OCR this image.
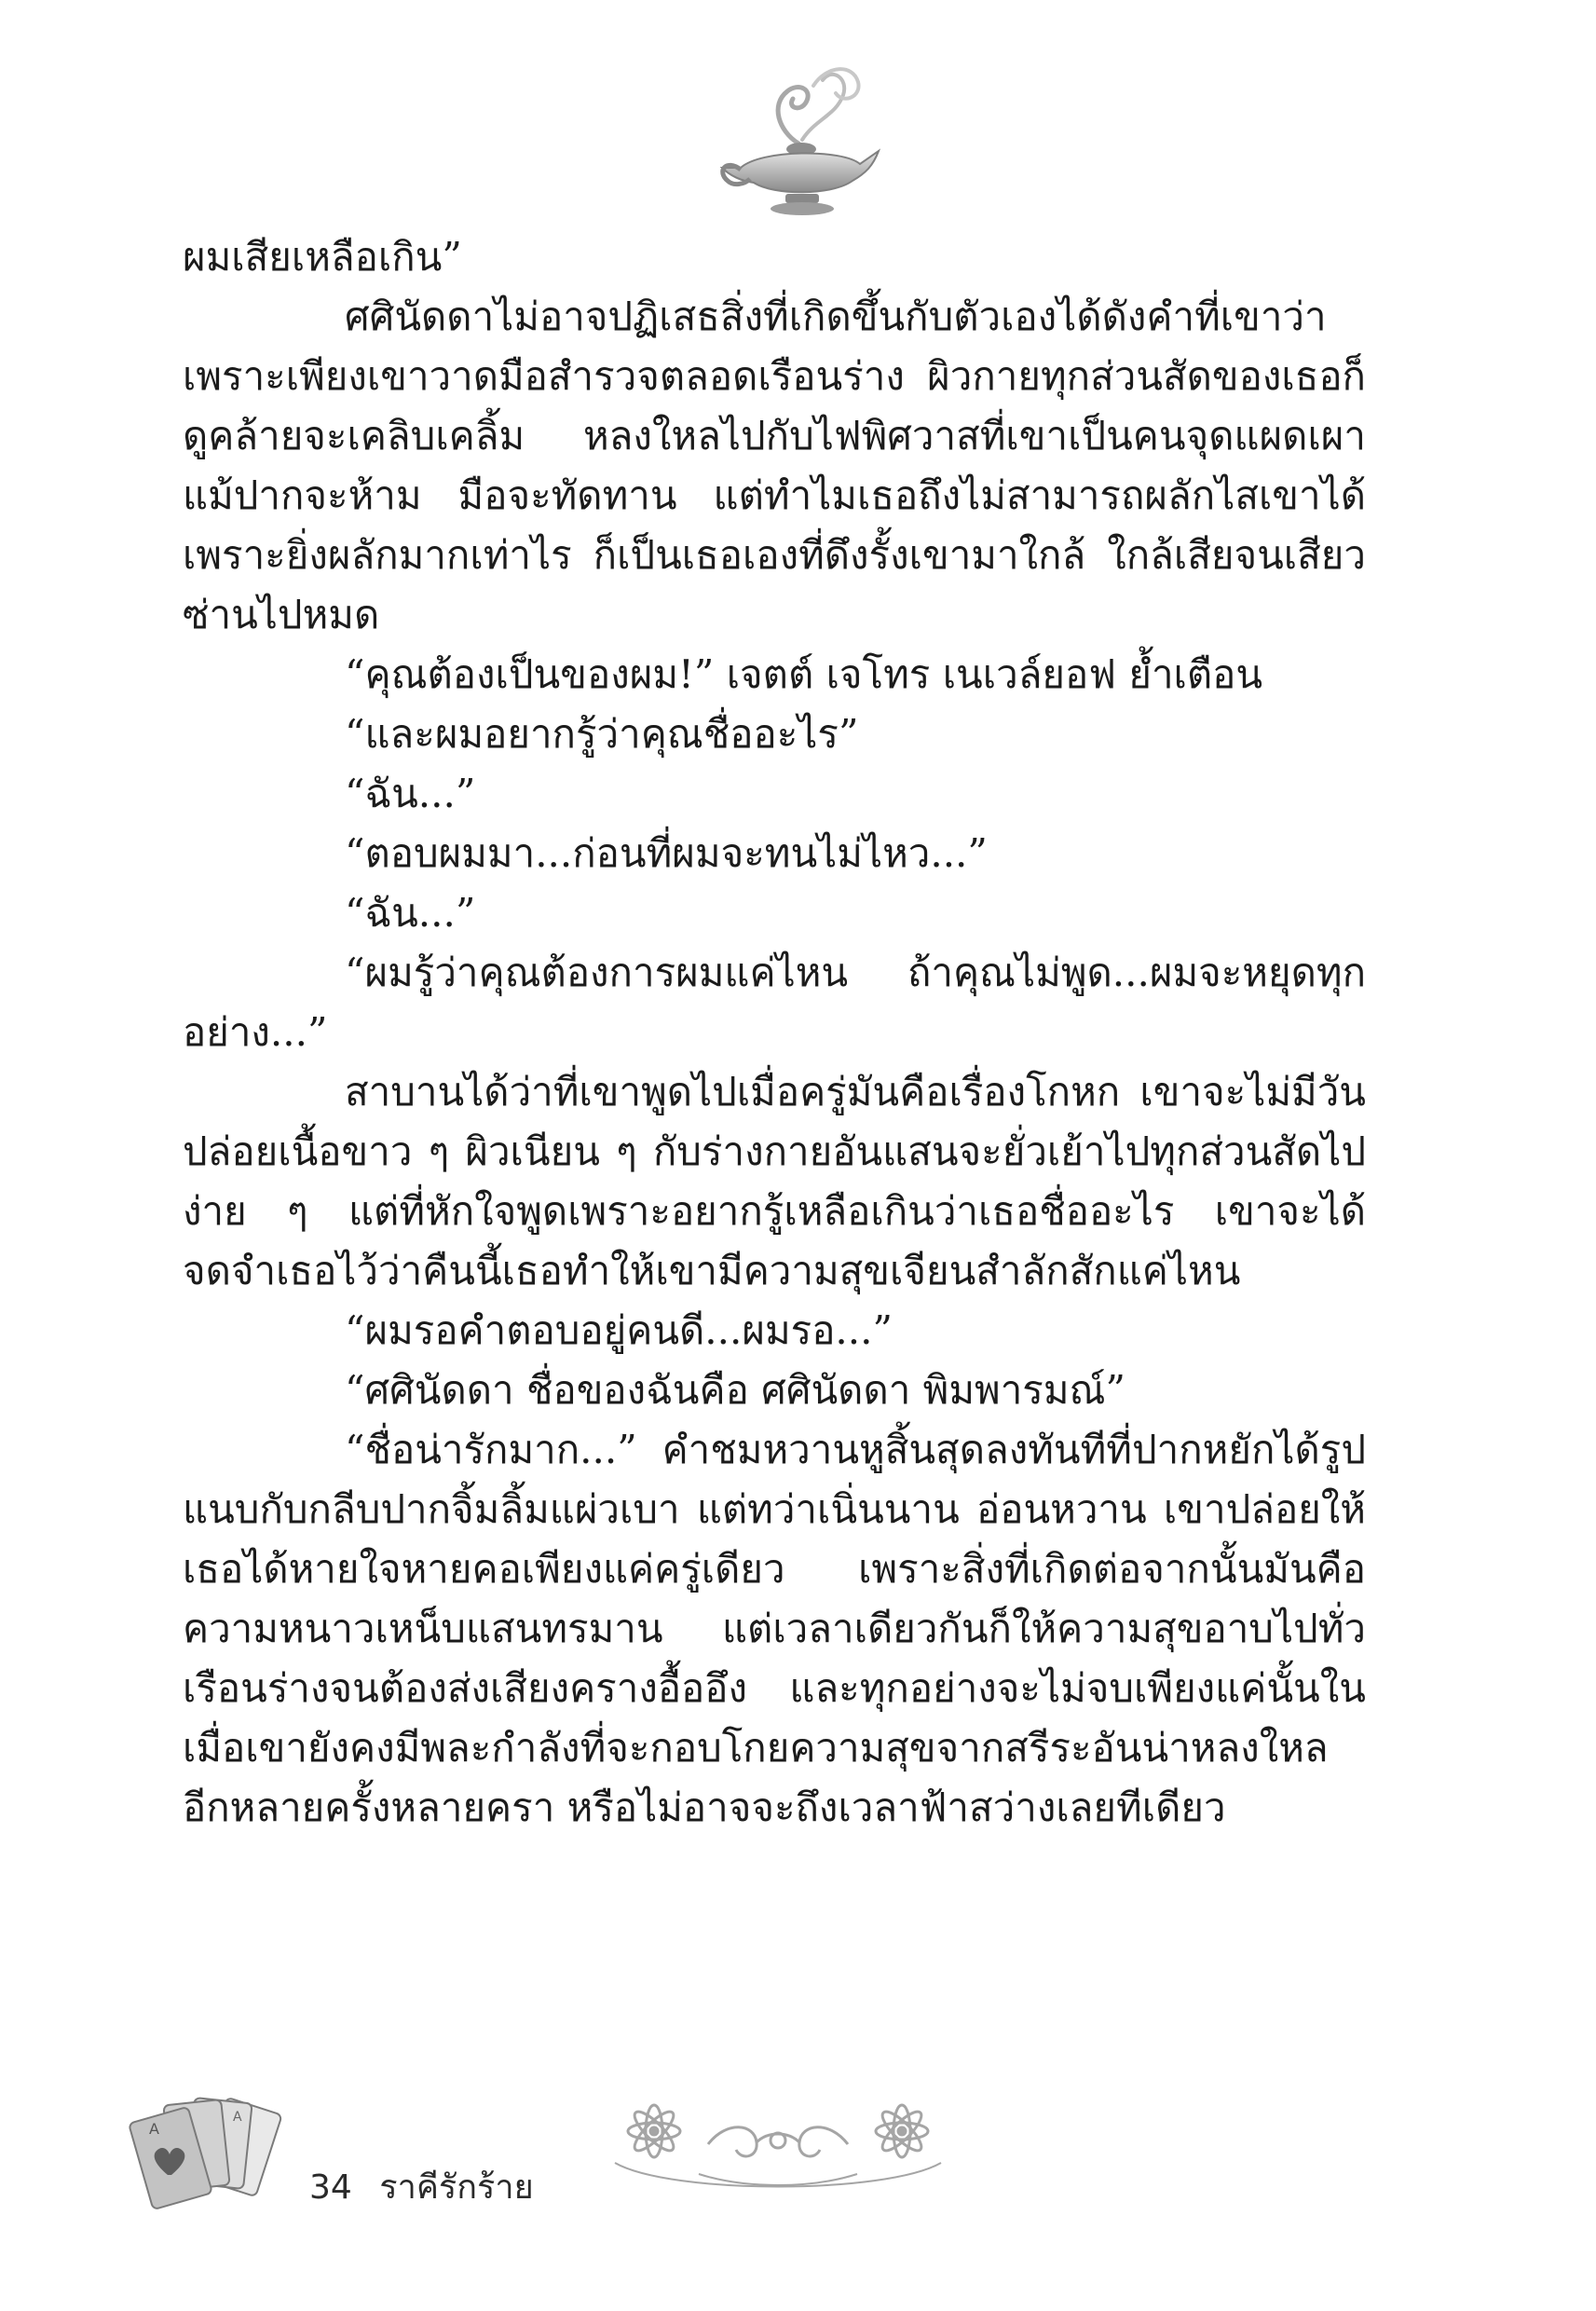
ผมเสียเหลือเกิน”

ศศินัดดาไม่อาจปฏิเสธสิ่งที่เกิดขึ้นกับตัวเองได้ดังคำที่เขาว่า เพราะเพียงเขาวาดมือสำรวจตลอดเรือนร่าง ผิวกายทุกส่วนสัดของเธอก็ดูคล้ายจะเคลิบเคลิ้ม หลงใหลไปกับไฟพิศวาสที่เขาเป็นคนจุดแผดเผา แม้ปากจะห้าม มือจะทัดทาน แต่ทำไมเธอถึงไม่สามารถผลักไสเขาได้ เพราะยิ่งผลักมากเท่าไร ก็เป็นเธอเองที่ดึงรั้งเขามาใกล้ ใกล้เสียจนเสียวซ่านไปหมด

“คุณต้องเป็นของผม!” เจตต์ เจโทร เนเวล์ยอฟ ย้ำเตือน

“และผมอยากรู้ว่าคุณชื่ออะไร”

“ฉัน...”

“ตอบผมมา...ก่อนที่ผมจะทนไม่ไหว...”

“ฉัน...”

“ผมรู้ว่าคุณต้องการผมแค่ไหน ถ้าคุณไม่พูด...ผมจะหยุดทุกอย่าง...”

สาบานได้ว่าที่เขาพูดไปเมื่อครู่มันคือเรื่องโกหก เขาจะไม่มีวันปล่อยเนื้อขาว ๆ ผิวเนียน ๆ กับร่างกายอันแสนจะยั่วเย้าไปทุกส่วนสัดไปง่าย ๆ แต่ที่หักใจพูดเพราะอยากรู้เหลือเกินว่าเธอชื่ออะไร เขาจะได้จดจำเธอไว้ว่าคืนนี้เธอทำให้เขามีความสุขเจียนสำลักสักแค่ไหน

“ผมรอคำตอบอยู่คนดี...ผมรอ...”

“ศศินัดดา ชื่อของฉันคือ ศศินัดดา พิมพารมณ์”

“ชื่อน่ารักมาก...” คำชมหวานหูสิ้นสุดลงทันทีที่ปากหยักได้รูปแนบกับกลีบปากจิ้มลิ้มแผ่วเบา แต่ทว่าเนิ่นนาน อ่อนหวาน เขาปล่อยให้เธอได้หายใจหายคอเพียงแค่ครู่เดียว เพราะสิ่งที่เกิดต่อจากนั้นมันคือความหนาวเหน็บแสนทรมาน แต่เวลาเดียวกันก็ให้ความสุขอาบไปทั่วเรือนร่างจนต้องส่งเสียงครางอื้ออึง และทุกอย่างจะไม่จบเพียงแค่นั้นในเมื่อเขายังคงมีพละกำลังที่จะกอบโกยความสุขจากสรีระอันน่าหลงใหลอีกหลายครั้งหลายครา หรือไม่อาจจะถึงเวลาฟ้าสว่างเลยทีเดียว

A
A
34 ราคีรักร้าย
